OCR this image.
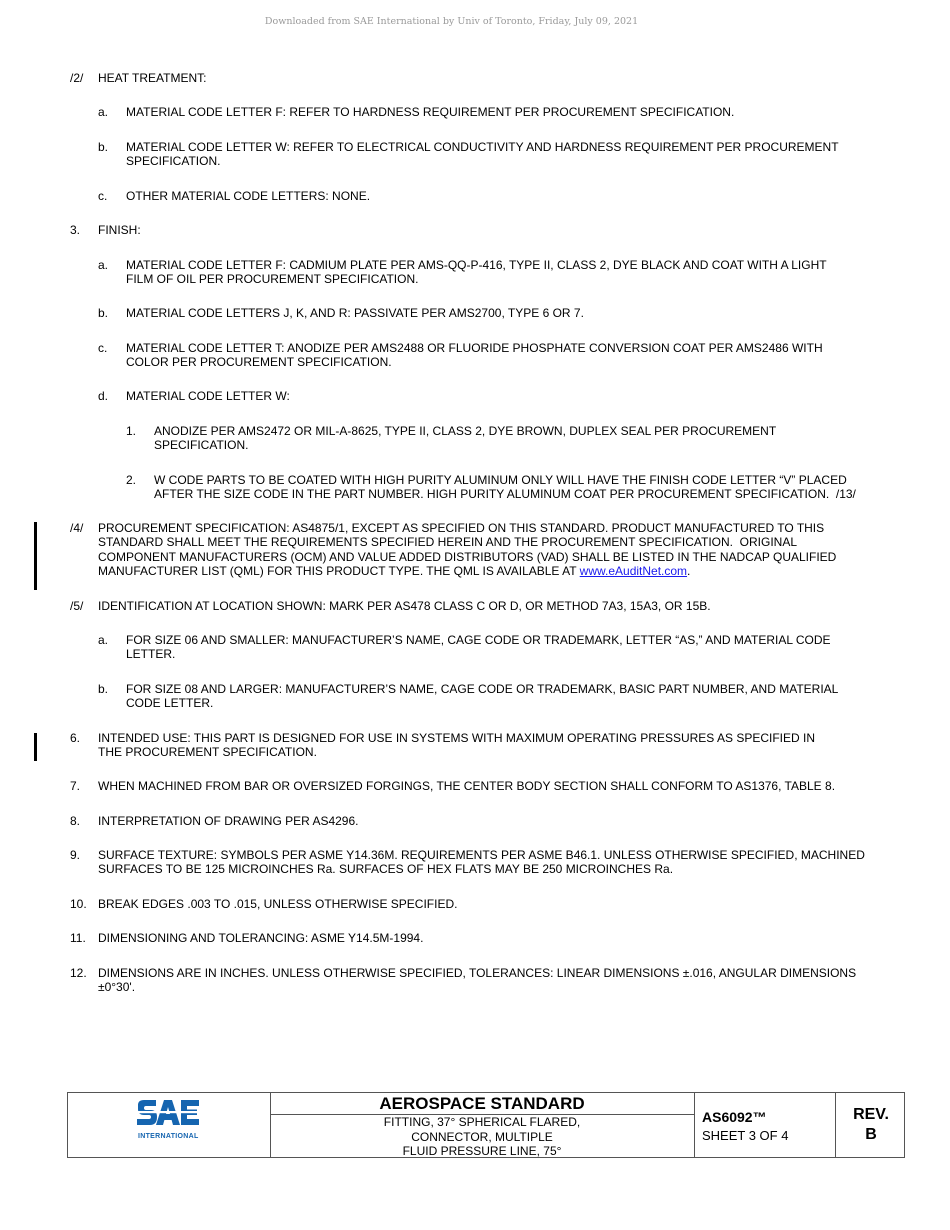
Downloaded from SAE International by Univ of Toronto, Friday, July 09, 2021
/2/ HEAT TREATMENT:
a. MATERIAL CODE LETTER F: REFER TO HARDNESS REQUIREMENT PER PROCUREMENT SPECIFICATION.
b. MATERIAL CODE LETTER W: REFER TO ELECTRICAL CONDUCTIVITY AND HARDNESS REQUIREMENT PER PROCUREMENT
SPECIFICATION.
c. OTHER MATERIAL CODE LETTERS: NONE.
3. FINISH:
a. MATERIAL CODE LETTER F: CADMIUM PLATE PER AMS-QQ-P-416, TYPE II, CLASS 2, DYE BLACK AND COAT WITH A LIGHT
FILM OF OIL PER PROCUREMENT SPECIFICATION.
b. MATERIAL CODE LETTERS J, K, AND R: PASSIVATE PER AMS2700, TYPE 6 OR 7.
c. MATERIAL CODE LETTER T: ANODIZE PER AMS2488 OR FLUORIDE PHOSPHATE CONVERSION COAT PER AMS2486 WITH
COLOR PER PROCUREMENT SPECIFICATION.
d. MATERIAL CODE LETTER W:
1. ANODIZE PER AMS2472 OR MIL-A-8625, TYPE II, CLASS 2, DYE BROWN, DUPLEX SEAL PER PROCUREMENT
SPECIFICATION.
2. W CODE PARTS TO BE COATED WITH HIGH PURITY ALUMINUM ONLY WILL HAVE THE FINISH CODE LETTER “V” PLACED
AFTER THE SIZE CODE IN THE PART NUMBER. HIGH PURITY ALUMINUM COAT PER PROCUREMENT SPECIFICATION.  /13/
/4/ PROCUREMENT SPECIFICATION: AS4875/1, EXCEPT AS SPECIFIED ON THIS STANDARD. PRODUCT MANUFACTURED TO THIS
STANDARD SHALL MEET THE REQUIREMENTS SPECIFIED HEREIN AND THE PROCUREMENT SPECIFICATION.  ORIGINAL
COMPONENT MANUFACTURERS (OCM) AND VALUE ADDED DISTRIBUTORS (VAD) SHALL BE LISTED IN THE NADCAP QUALIFIED
MANUFACTURER LIST (QML) FOR THIS PRODUCT TYPE. THE QML IS AVAILABLE AT www.eAuditNet.com.
/5/ IDENTIFICATION AT LOCATION SHOWN: MARK PER AS478 CLASS C OR D, OR METHOD 7A3, 15A3, OR 15B.
a. FOR SIZE 06 AND SMALLER: MANUFACTURER’S NAME, CAGE CODE OR TRADEMARK, LETTER “AS,” AND MATERIAL CODE
LETTER.
b. FOR SIZE 08 AND LARGER: MANUFACTURER’S NAME, CAGE CODE OR TRADEMARK, BASIC PART NUMBER, AND MATERIAL
CODE LETTER.
6. INTENDED USE: THIS PART IS DESIGNED FOR USE IN SYSTEMS WITH MAXIMUM OPERATING PRESSURES AS SPECIFIED IN
THE PROCUREMENT SPECIFICATION.
7. WHEN MACHINED FROM BAR OR OVERSIZED FORGINGS, THE CENTER BODY SECTION SHALL CONFORM TO AS1376, TABLE 8.
8. INTERPRETATION OF DRAWING PER AS4296.
9. SURFACE TEXTURE: SYMBOLS PER ASME Y14.36M. REQUIREMENTS PER ASME B46.1. UNLESS OTHERWISE SPECIFIED, MACHINED
SURFACES TO BE 125 MICROINCHES Ra. SURFACES OF HEX FLATS MAY BE 250 MICROINCHES Ra.
10. BREAK EDGES .003 TO .015, UNLESS OTHERWISE SPECIFIED.
11. DIMENSIONING AND TOLERANCING: ASME Y14.5M-1994.
12. DIMENSIONS ARE IN INCHES. UNLESS OTHERWISE SPECIFIED, TOLERANCES: LINEAR DIMENSIONS ±.016, ANGULAR DIMENSIONS
±0°30'.
INTERNATIONAL
AEROSPACE STANDARD
FITTING, 37° SPHERICAL FLARED,
CONNECTOR, MULTIPLE
FLUID PRESSURE LINE, 75°
AS6092™
SHEET 3 OF 4
REV.
B
